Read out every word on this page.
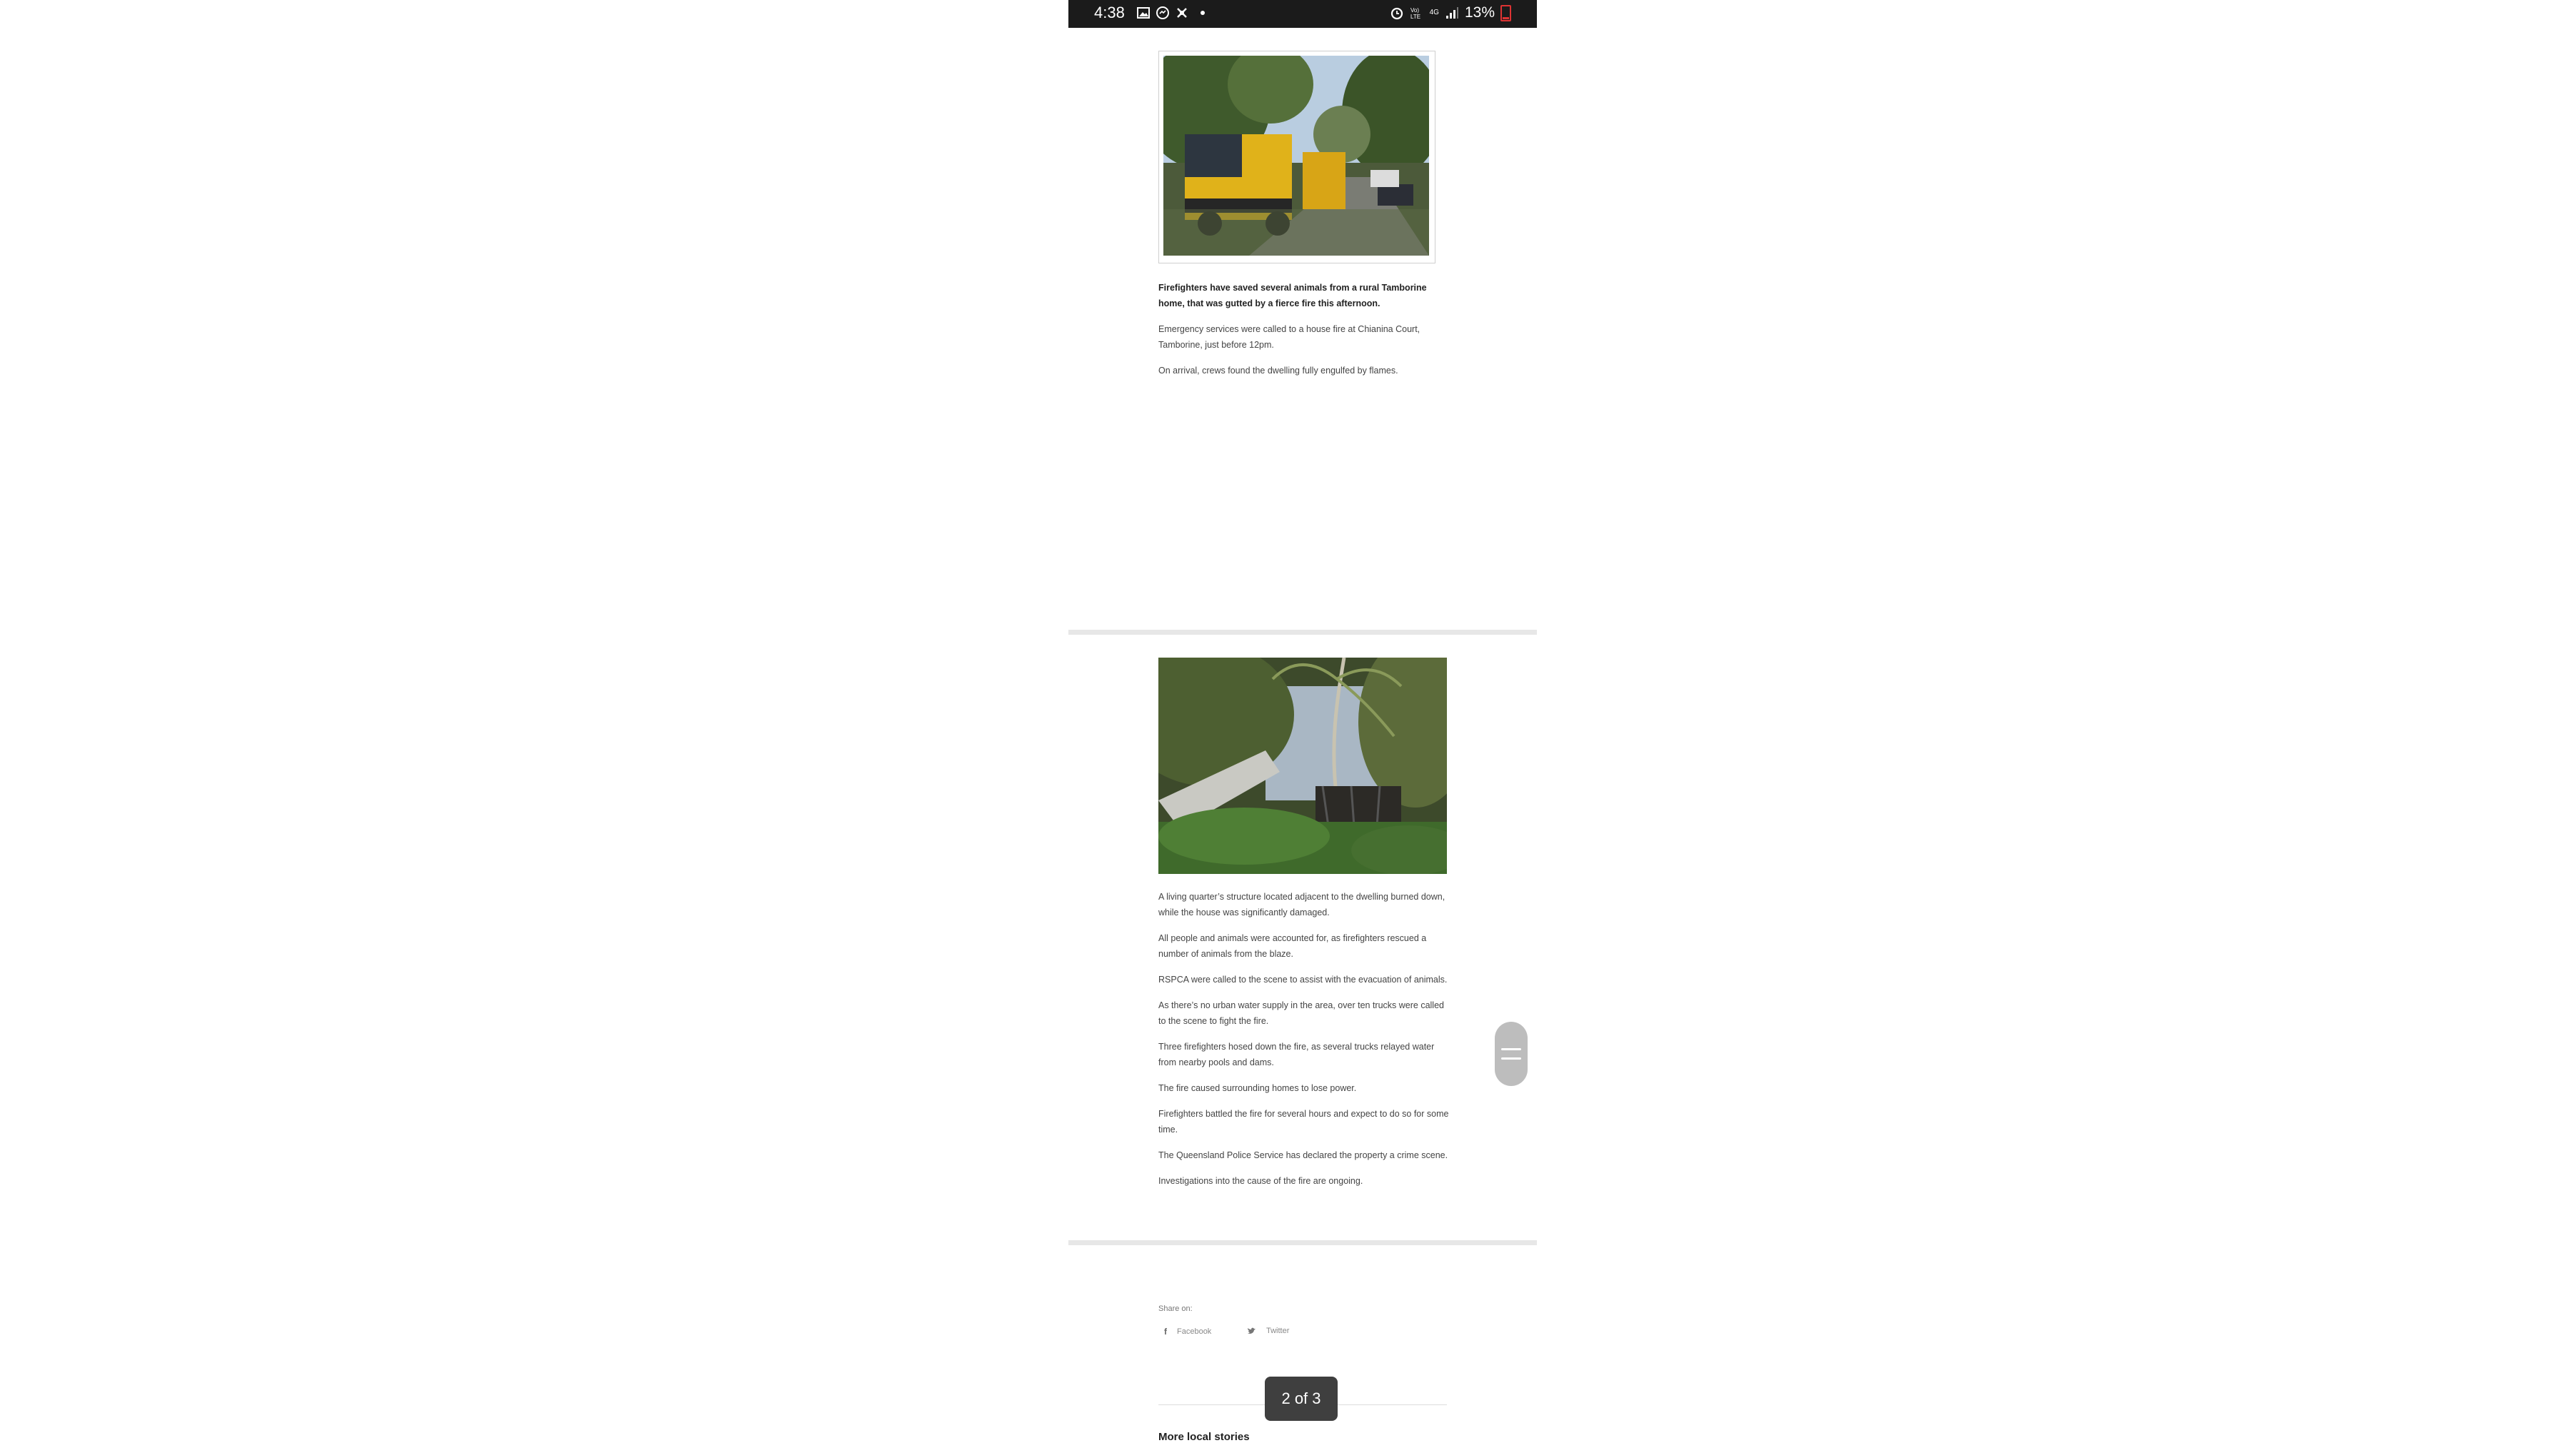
4:38	Vo)
LTE
4G 13%

Firefighters have saved several animals from a rural Tamborine home, that was gutted by a fierce fire this afternoon.

Emergency services were called to a house fire at Chianina Court, Tamborine, just before 12pm.

On arrival, crews found the dwelling fully engulfed by flames.

A living quarter’s structure located adjacent to the dwelling burned down, while the house was significantly damaged.

All people and animals were accounted for, as firefighters rescued a number of animals from the blaze.

RSPCA were called to the scene to assist with the evacuation of animals.

As there’s no urban water supply in the area, over ten trucks were called to the scene to fight the fire.

Three firefighters hosed down the fire, as several trucks relayed water from nearby pools and dams.

The fire caused surrounding homes to lose power.

Firefighters battled the fire for several hours and expect to do so for some time.

The Queensland Police Service has declared the property a crime scene.

Investigations into the cause of the fire are ongoing.

Share on:
f Facebook	Twitter
More local stories
2 of 3
